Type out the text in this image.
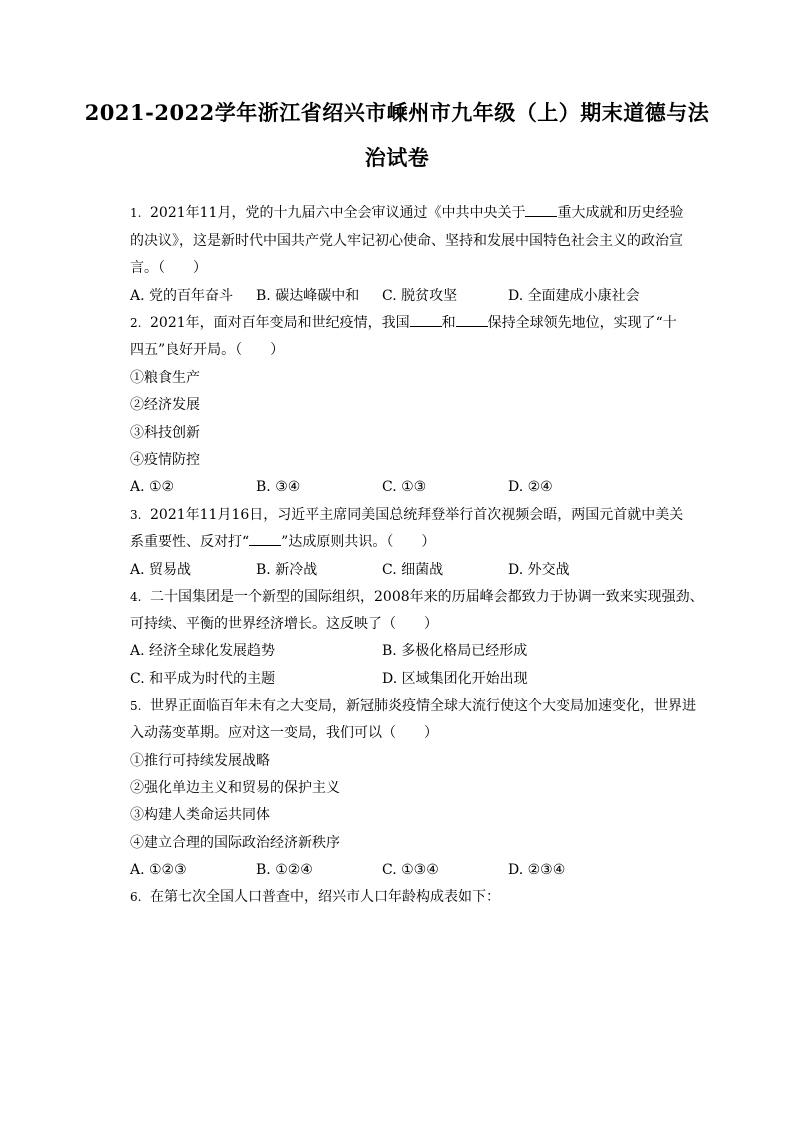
2021-2022学年浙江省绍兴市嵊州市九年级（上）期末道德与法
治试卷
1. 2021年11月，党的十九届六中全会审议通过《中共中央关于 重大成就和历史经验
的决议》，这是新时代中国共产党人牢记初心使命、坚持和发展中国特色社会主义的政治宣
言。（　　）
A. 党的百年奋斗 B. 碳达峰碳中和 C. 脱贫攻坚	D. 全面建成小康社会
2. 2021年，面对百年变局和世纪疫情，我国 和 保持全球领先地位，实现了“十
四五”良好开局。（　　）
①粮食生产
②经济发展
③科技创新
④疫情防控
A. ①②	B. ③④	C. ①③	D. ②④
3. 2021年11月16日，习近平主席同美国总统拜登举行首次视频会晤，两国元首就中美关
系重要性、反对打“ ”达成原则共识。（　　）
A. 贸易战	B. 新冷战	C. 细菌战	D. 外交战
4. 二十国集团是一个新型的国际组织，2008年来的历届峰会都致力于协调一致来实现强劲、
可持续、平衡的世界经济增长。这反映了（　　）
A. 经济全球化发展趋势	B. 多极化格局已经形成
C. 和平成为时代的主题	D. 区域集团化开始出现
5. 世界正面临百年未有之大变局，新冠肺炎疫情全球大流行使这个大变局加速变化，世界进
入动荡变革期。应对这一变局，我们可以（　　）
①推行可持续发展战略
②强化单边主义和贸易的保护主义
③构建人类命运共同体
④建立合理的国际政治经济新秩序
A. ①②③	B. ①②④	C. ①③④	D. ②③④
6. 在第七次全国人口普查中，绍兴市人口年龄构成表如下：
